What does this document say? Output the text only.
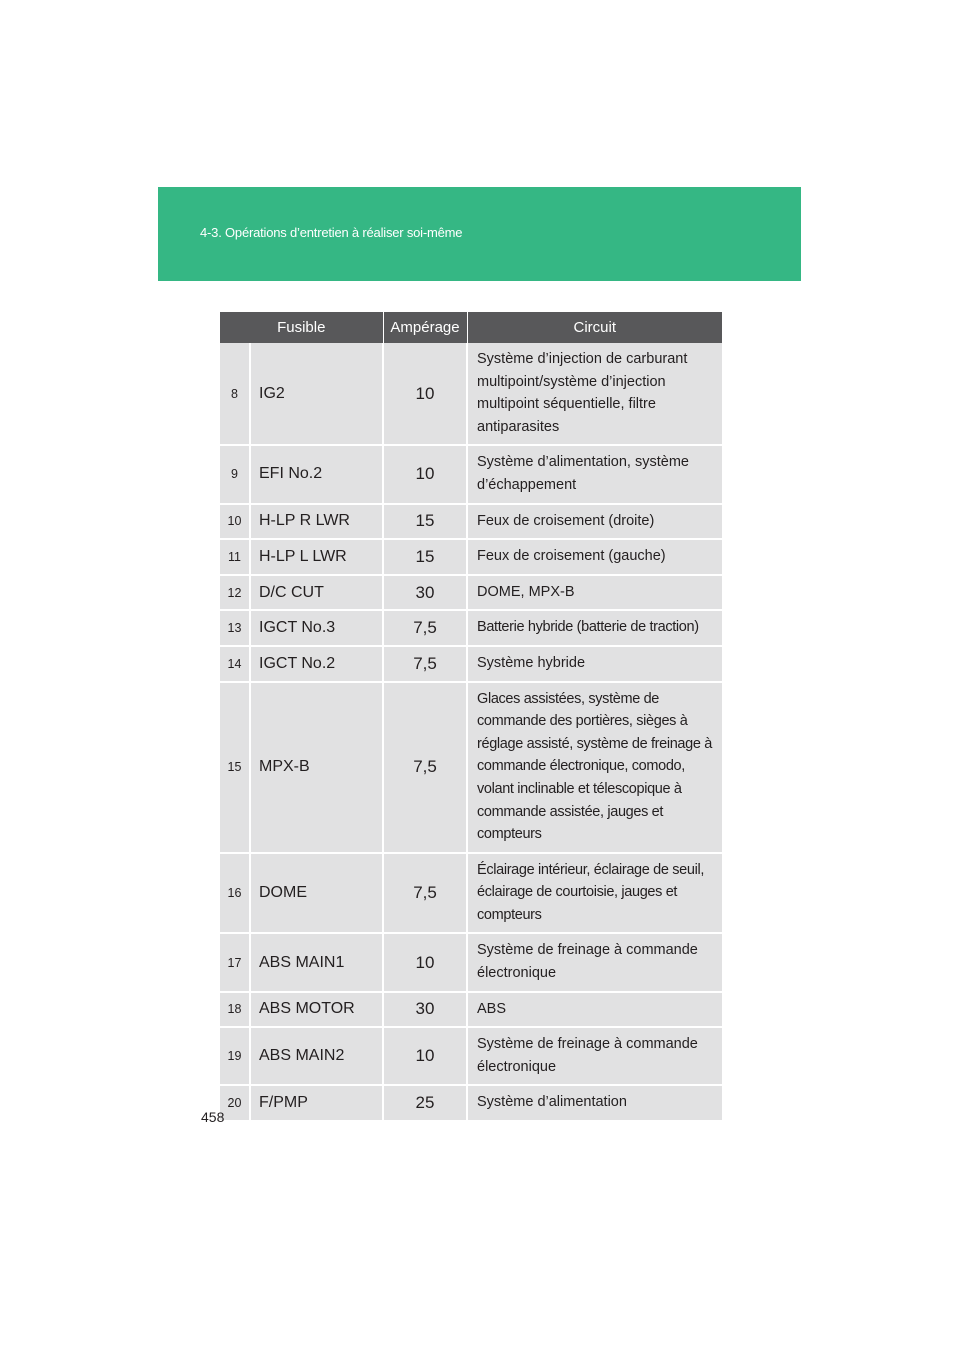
4-3. Opérations d’entretien à réaliser soi-même
Fusible		Ampérage	Circuit
8	IG2	10	Système d’injection de carburant multipoint/système d’injection multipoint séquentielle, filtre antiparasites
9	EFI No.2	10	Système d’alimentation, système d’échappement
10	H-LP R LWR	15	Feux de croisement (droite)
11	H-LP L LWR	15	Feux de croisement (gauche)
12	D/C CUT	30	DOME, MPX-B
13	IGCT No.3	7,5	Batterie hybride (batterie de traction)
14	IGCT No.2	7,5	Système hybride
15	MPX-B	7,5	Glaces assistées, système de commande des portières, sièges à réglage assisté, système de freinage à commande électronique, comodo, volant inclinable et télescopique à commande assistée, jauges et compteurs
16	DOME	7,5	Éclairage intérieur, éclairage de seuil, éclairage de courtoisie, jauges et compteurs
17	ABS MAIN1	10	Système de freinage à commande électronique
18	ABS MOTOR	30	ABS
19	ABS MAIN2	10	Système de freinage à commande électronique
20	F/PMP	25	Système d’alimentation
458
